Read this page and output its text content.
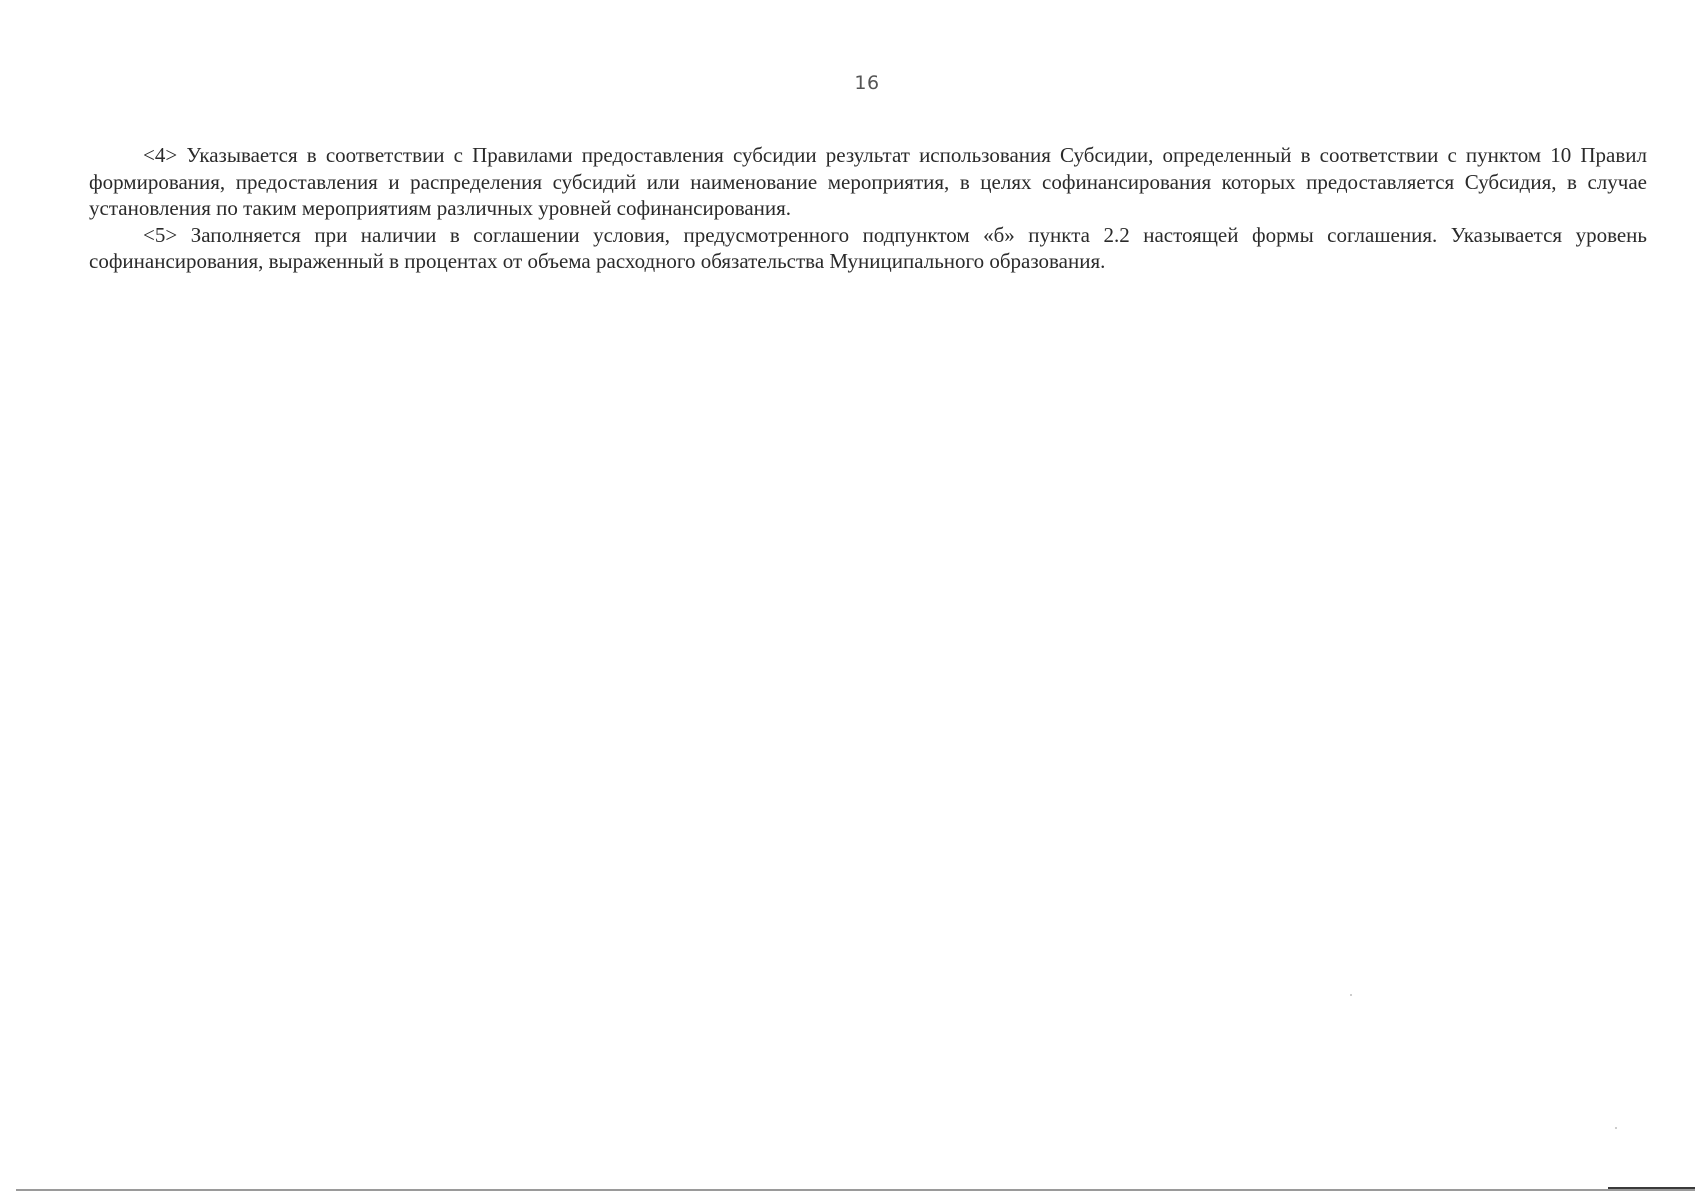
16

<4> Указывается в соответствии с Правилами предоставления субсидии результат использования Субсидии, определенный в соответствии с пунктом 10 Правил формирования, предоставления и распределения субсидий или наименование мероприятия, в целях софинансирования которых предоставляется Субсидия, в случае установления по таким мероприятиям различных уровней софинансирования.

<5> Заполняется при наличии в соглашении условия, предусмотренного подпунктом «б» пункта 2.2 настоящей формы соглашения. Указывается уровень софинансирования, выраженный в процентах от объема расходного обязательства Муниципального образования.
